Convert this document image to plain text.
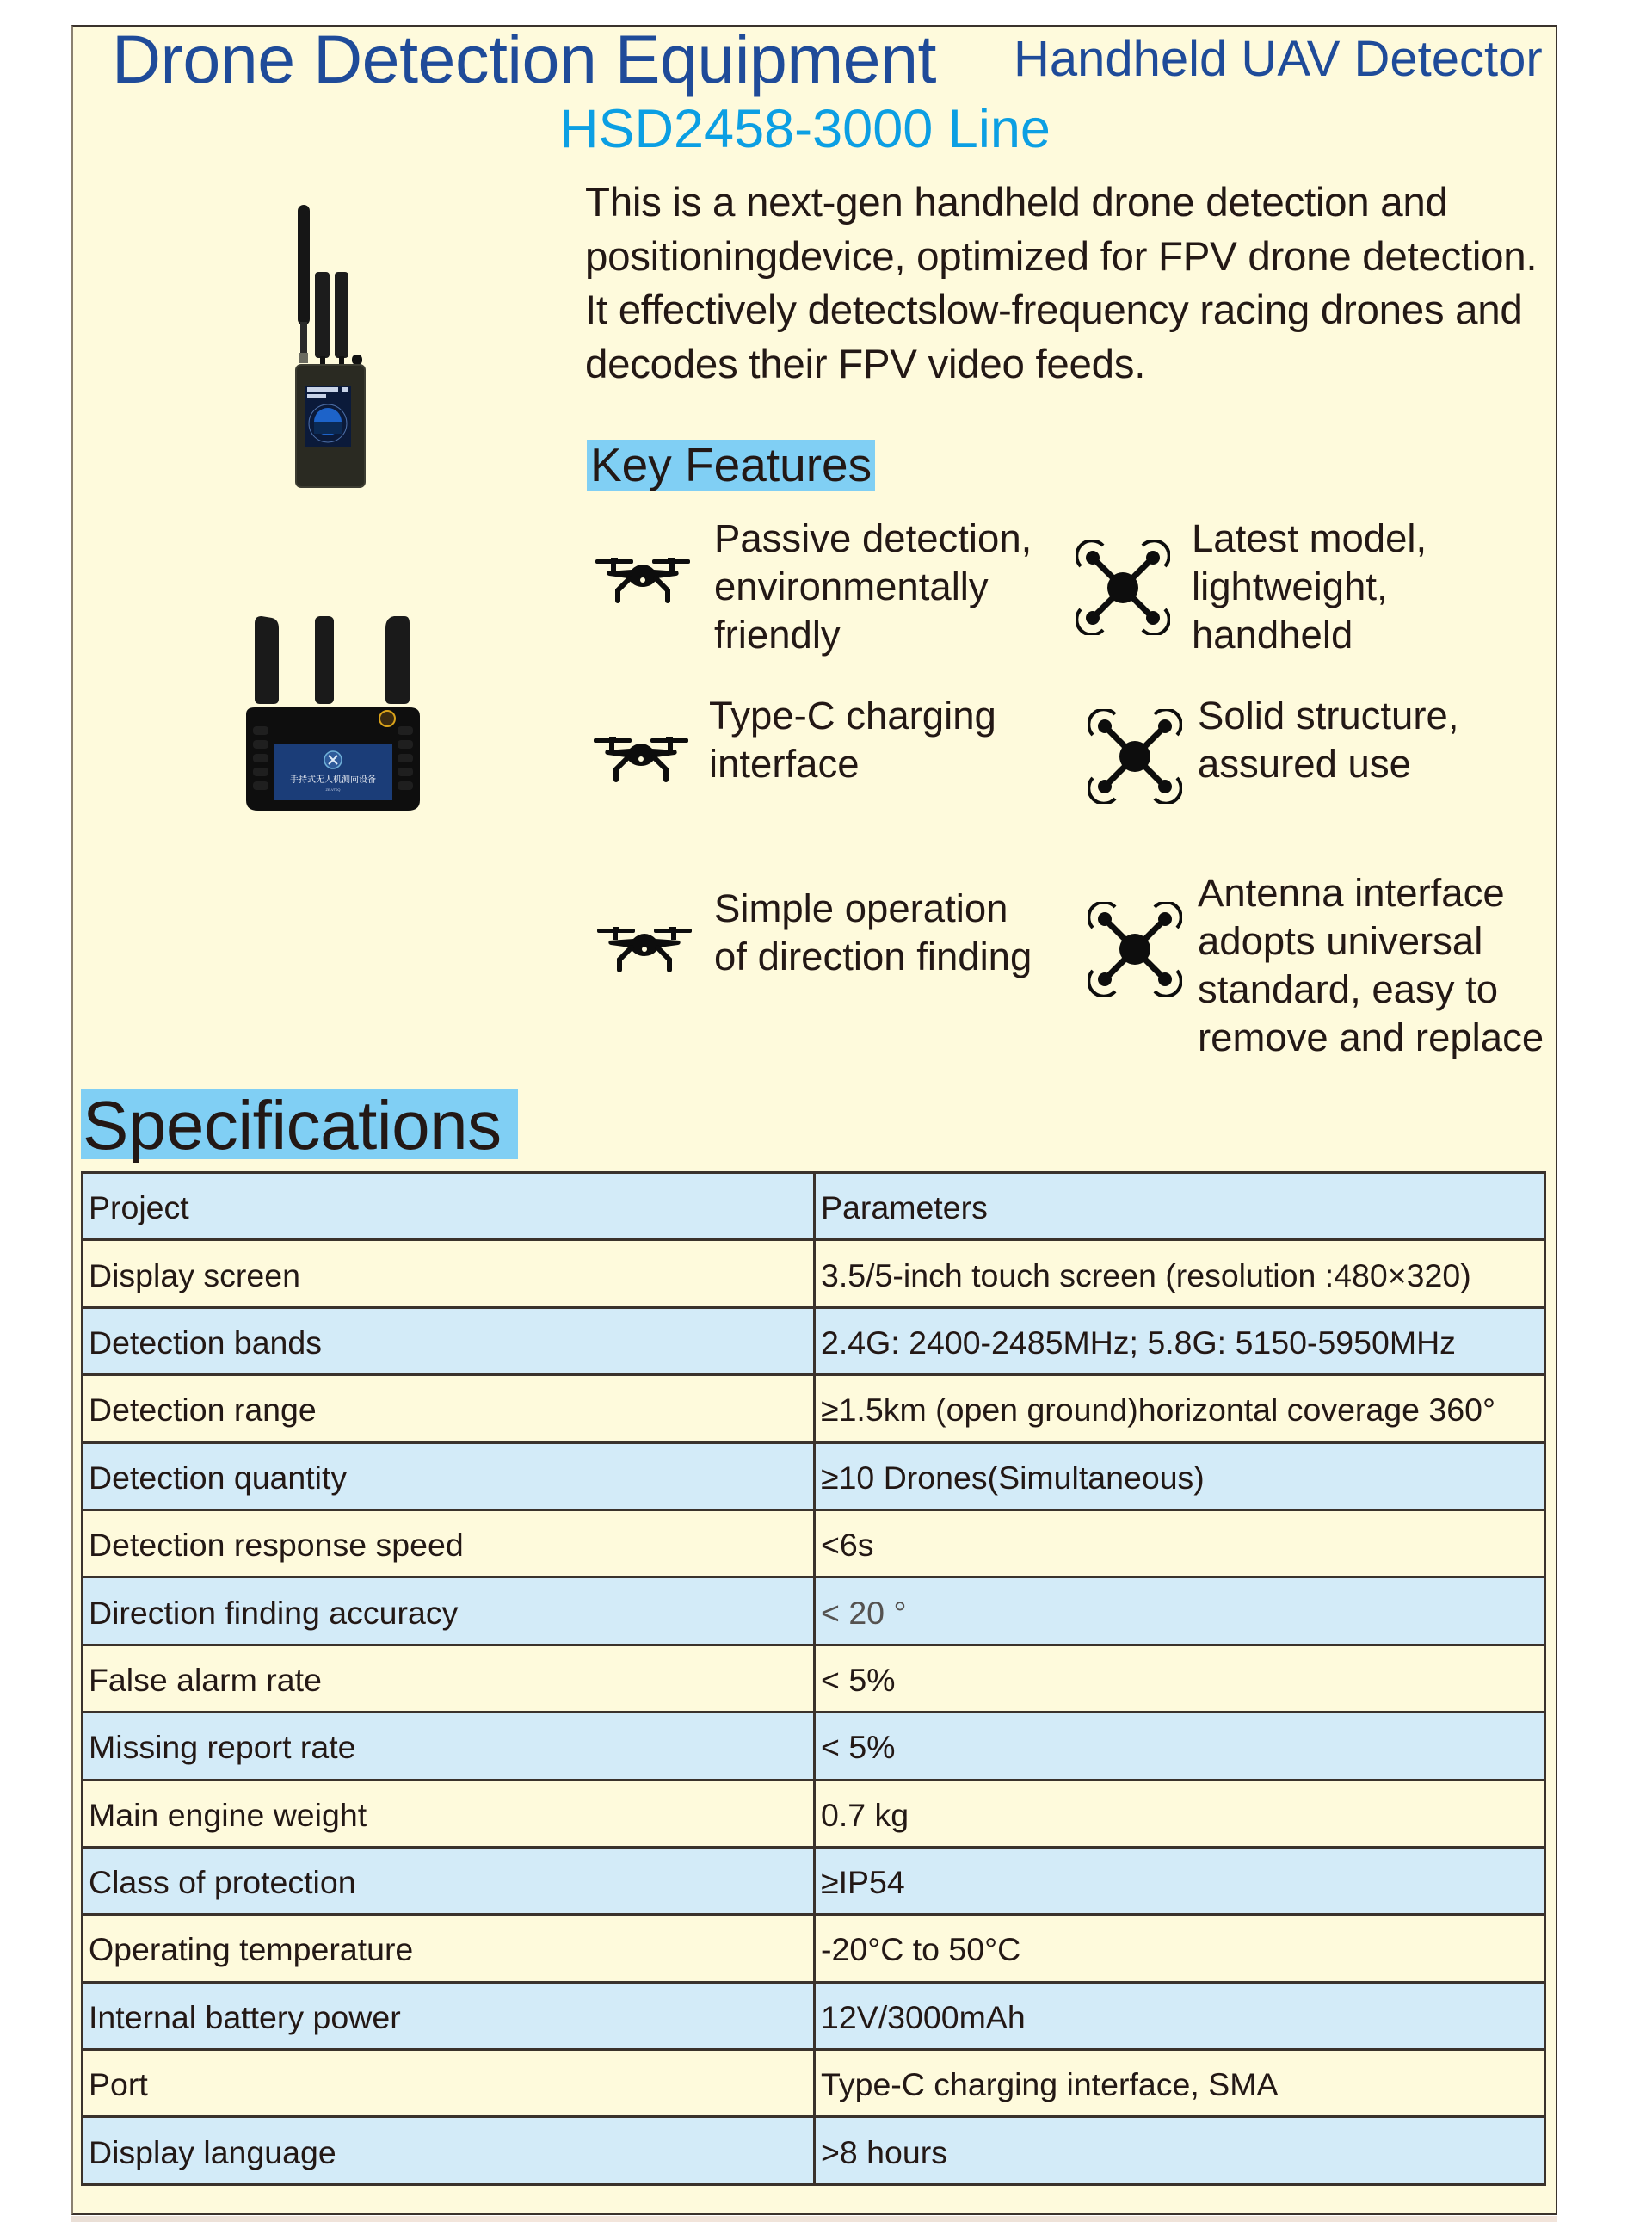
Drone Detection Equipment Handheld UAV Detector
HSD2458-3000 Line
This is a next-gen handheld drone detection and
positioningdevice, optimized for FPV drone detection.
It effectively detectslow-frequency racing drones and
decodes their FPV video feeds.
手持式无人机测向设备
ZE-VT0Q
Key Features
Passive detection,
environmentally
friendly
Latest model,
lightweight,
handheld
Type-C charging
interface
Solid structure,
assured use
Simple operation
of direction finding
Antenna interface
adopts universal
standard, easy to
remove and replace
Specifications
Project	Parameters
Display screen	3.5/5-inch touch screen (resolution :480×320)
Detection bands	2.4G: 2400-2485MHz; 5.8G: 5150-5950MHz
Detection range	≥1.5km (open ground)horizontal coverage 360°
Detection quantity	≥10 Drones(Simultaneous)
Detection response speed	<6s
Direction finding accuracy	< 20 °
False alarm rate	< 5%
Missing report rate	< 5%
Main engine weight	0.7 kg
Class of protection	≥IP54
Operating temperature	-20°C to 50°C
Internal battery power	12V/3000mAh
Port	Type-C charging interface, SMA
Display language	>8 hours
